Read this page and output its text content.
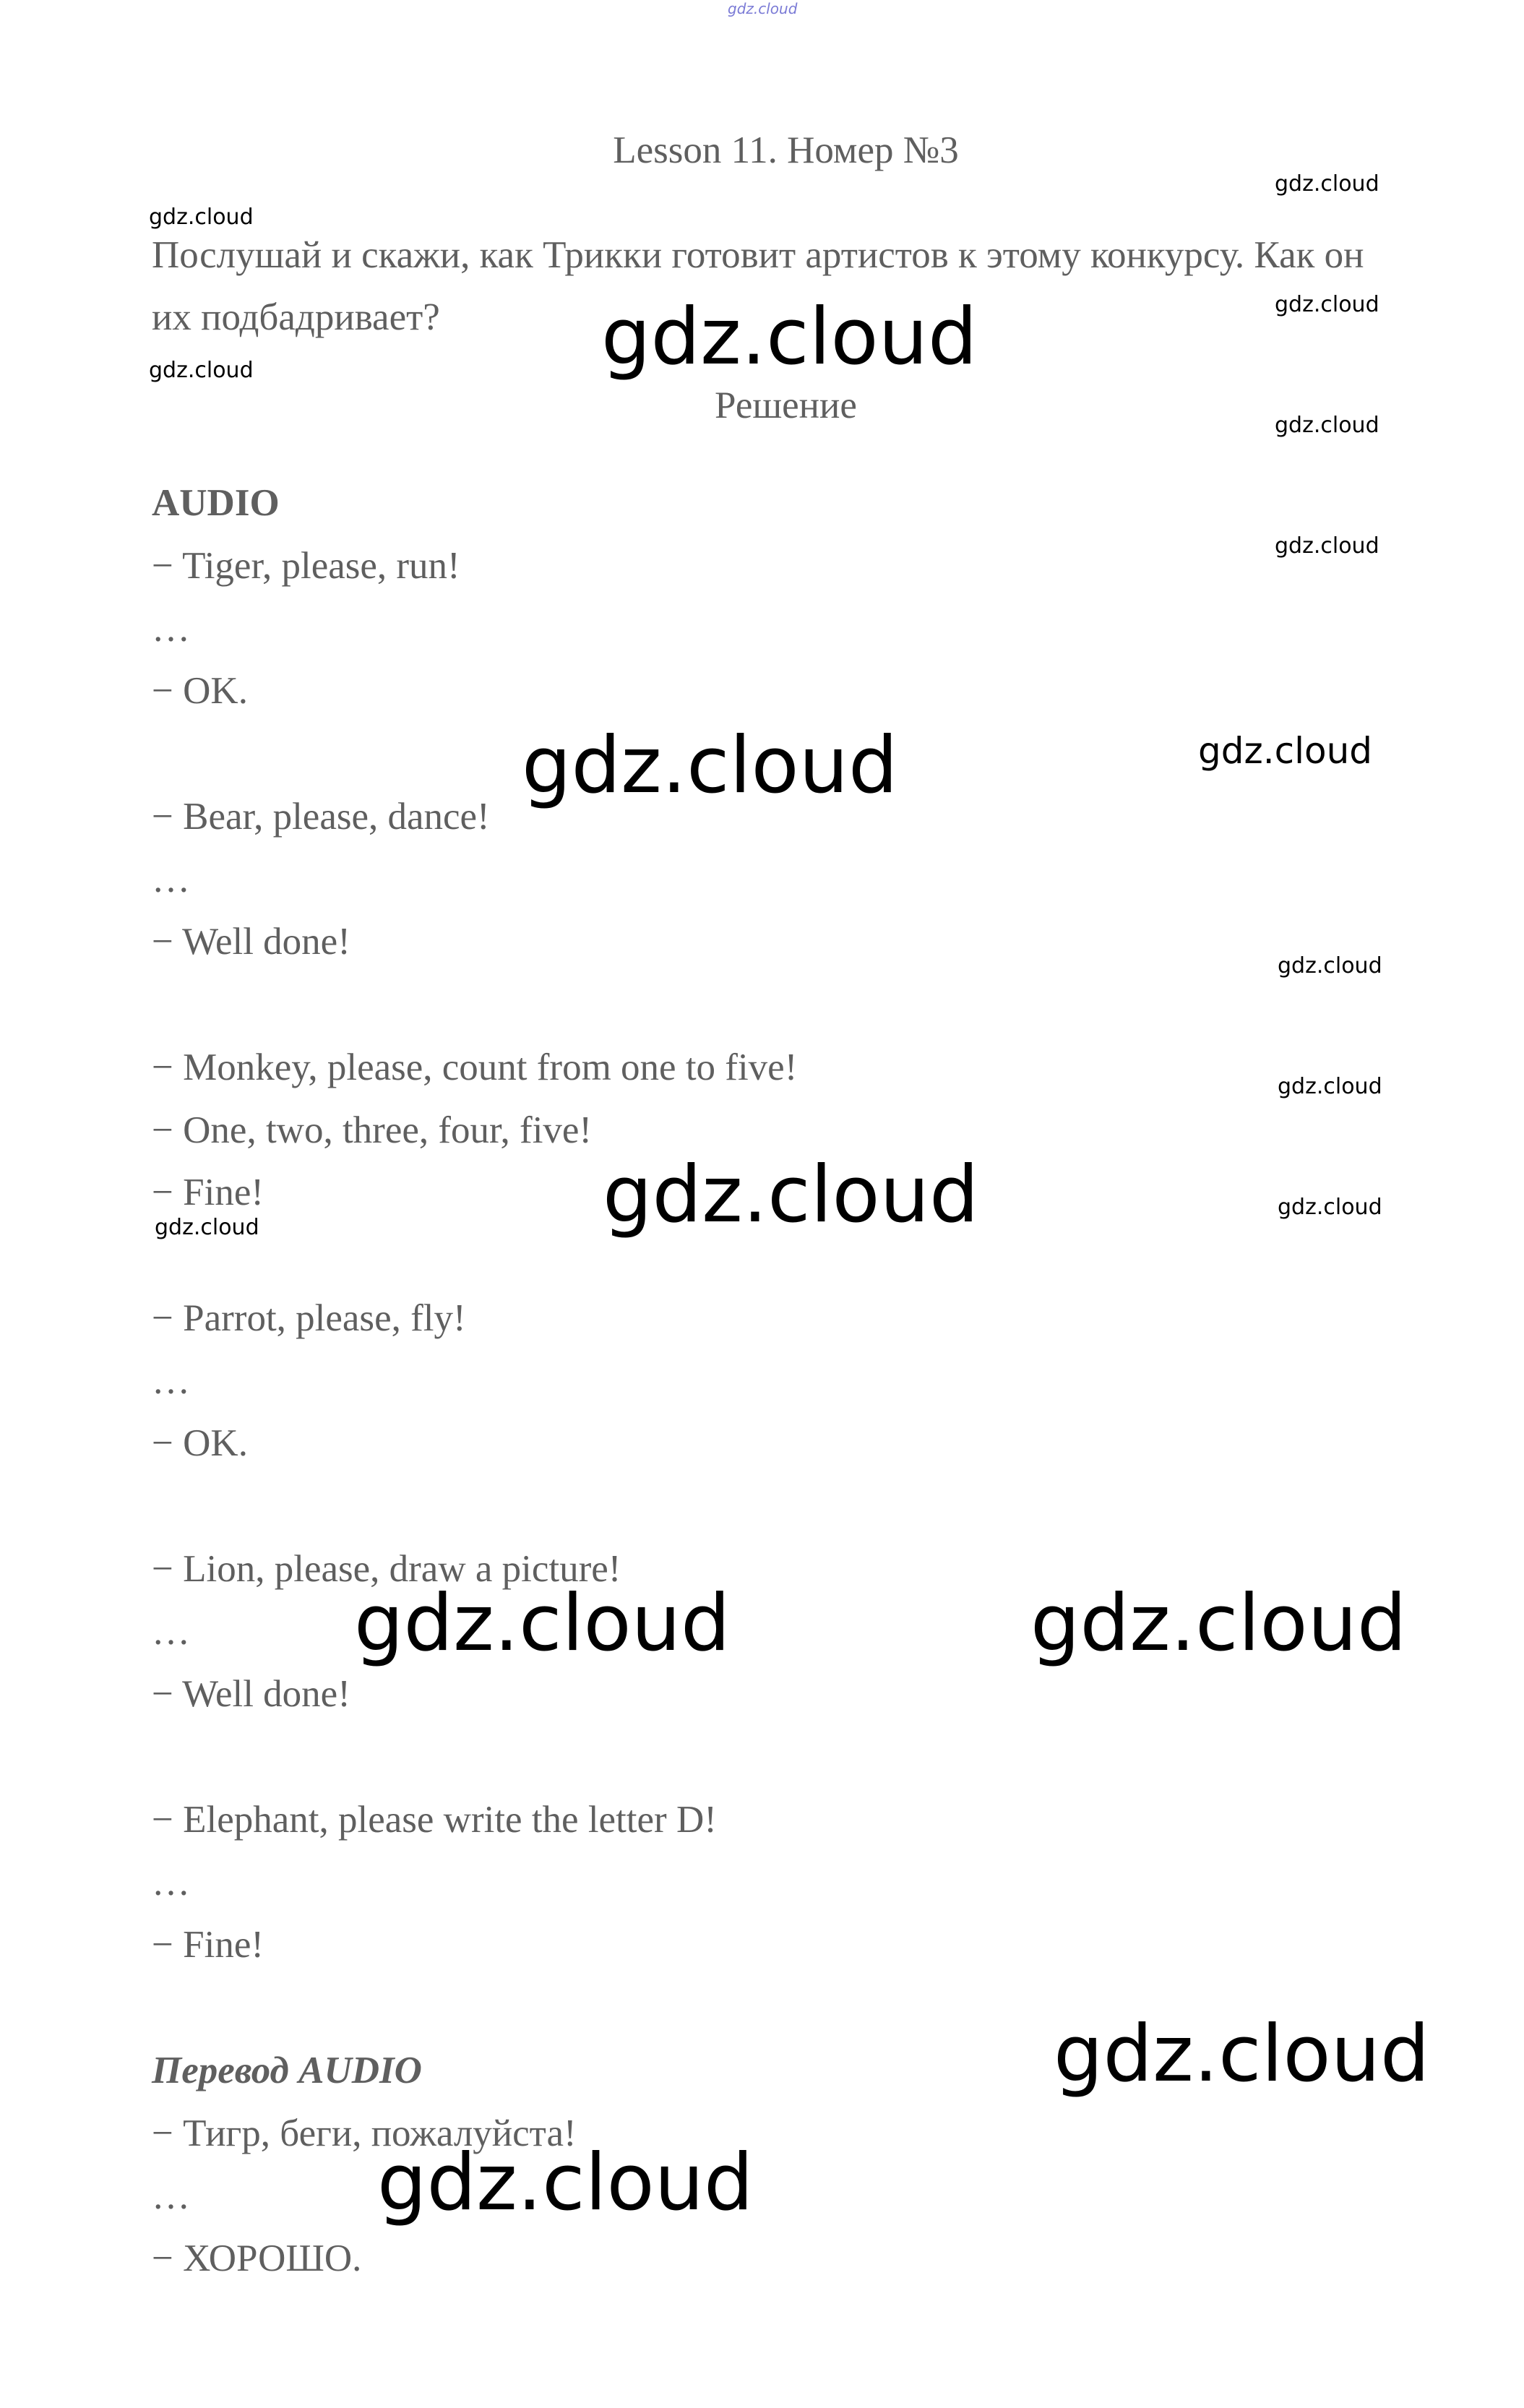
Lesson 11. Номер №3
Послушай и скажи, как Трикки готовит артистов к этому конкурсу. Как он их подбадривает?
Решение
AUDIO
− Tiger, please, run!
…
− OK.
− Bear, please, dance!
…
− Well done!
− Monkey, please, count from one to five!
− One, two, three, four, five!
− Fine!
− Parrot, please, fly!
…
− OK.
− Lion, please, draw a picture!
…
− Well done!
− Elephant, please write the letter D!
…
− Fine!
Перевод AUDIO
− Тигр, беги, пожалуйста!
…
− ХОРОШО.
gdz.cloud
gdz.cloud
gdz.cloud
gdz.cloud
gdz.cloud
gdz.cloud
gdz.cloud
gdz.cloud
gdz.cloud
gdz.cloud
gdz.cloud
gdz.cloud
gdz.cloud
gdz.cloud
gdz.cloud
gdz.cloud	gdz.cloud
gdz.cloud
gdz.cloud
